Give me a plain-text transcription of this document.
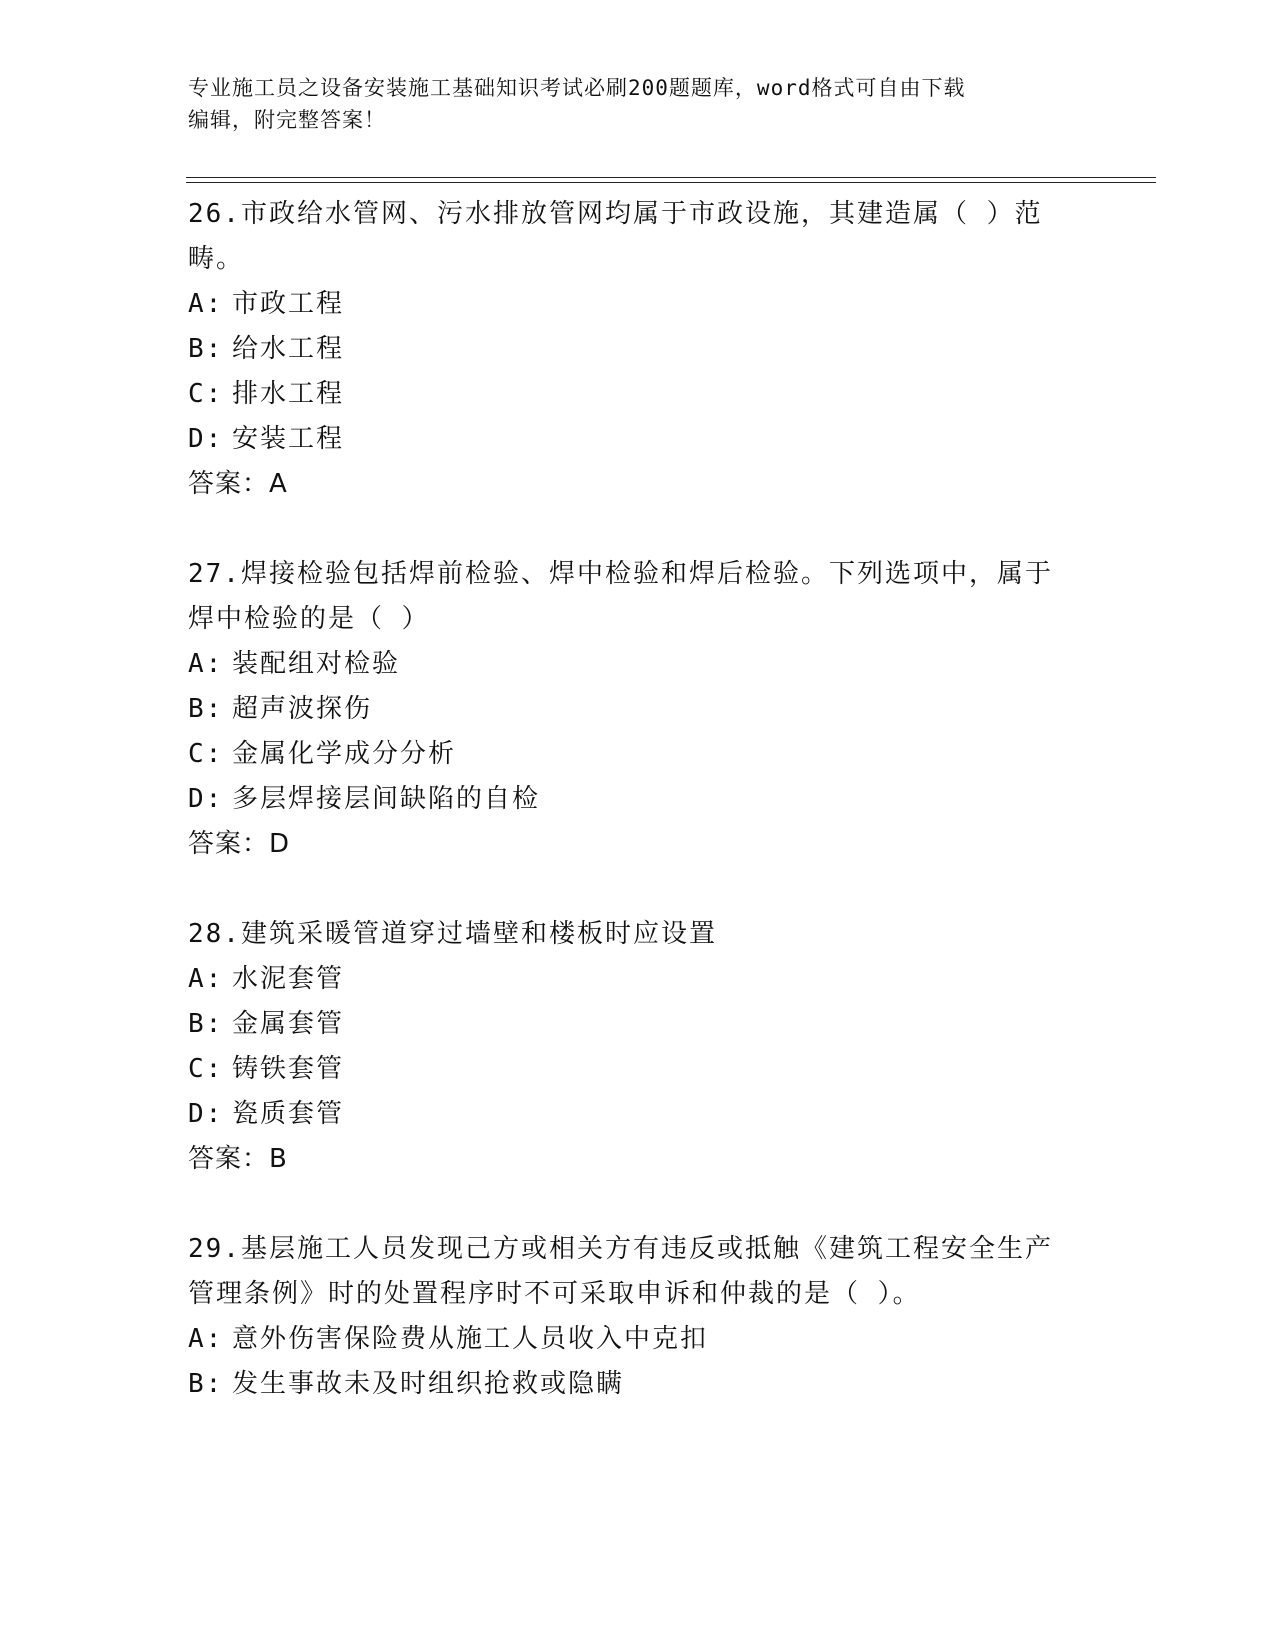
专业施工员之设备安装施工基础知识考试必刷200题题库，word格式可自由下载
编辑，附完整答案！
26.市政给水管网、污水排放管网均属于市政设施，其建造属（ ）范畴。
A: 市政工程
B: 给水工程
C: 排水工程
D: 安装工程
答案：A
27.焊接检验包括焊前检验、焊中检验和焊后检验。下列选项中，属于焊中检验的是（ ）
A: 装配组对检验
B: 超声波探伤
C: 金属化学成分分析
D: 多层焊接层间缺陷的自检
答案：D
28.建筑采暖管道穿过墙壁和楼板时应设置
A: 水泥套管
B: 金属套管
C: 铸铁套管
D: 瓷质套管
答案：B
29.基层施工人员发现己方或相关方有违反或抵触《建筑工程安全生产管理条例》时的处置程序时不可采取申诉和仲裁的是（ ）。
A: 意外伤害保险费从施工人员收入中克扣
B: 发生事故未及时组织抢救或隐瞒
